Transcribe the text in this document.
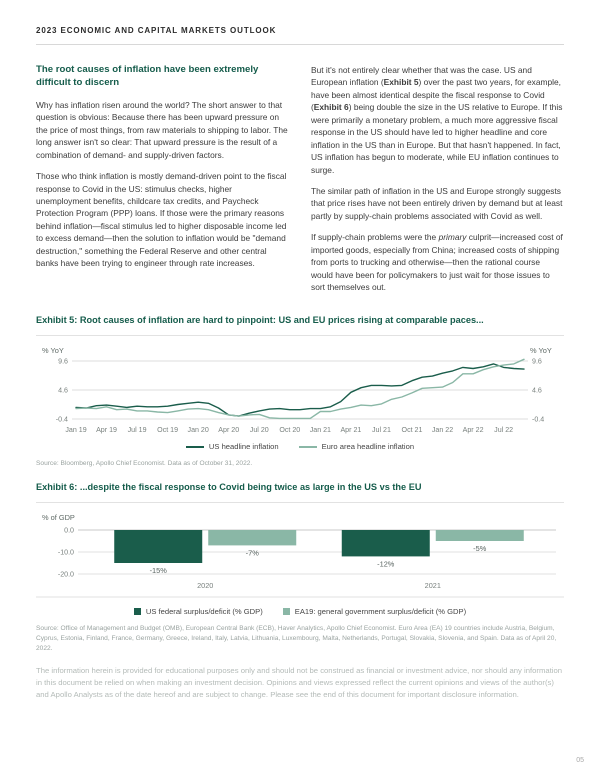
2023 ECONOMIC AND CAPITAL MARKETS OUTLOOK
The root causes of inflation have been extremely difficult to discern

Why has inflation risen around the world? The short answer to that question is obvious: Because there has been upward pressure on the price of most things, from raw materials to shipping to labor. The long answer isn't so clear: That upward pressure is the result of a combination of demand- and supply-driven factors.

Those who think inflation is mostly demand-driven point to the fiscal response to Covid in the US: stimulus checks, higher unemployment benefits, childcare tax credits, and Paycheck Protection Program (PPP) loans. If those were the primary reasons behind inflation—fiscal stimulus led to higher disposable income led to excess demand—then the solution to inflation would be "demand destruction," something the Federal Reserve and other central banks have been trying to engineer through rate increases.

But it's not entirely clear whether that was the case. US and European inflation (Exhibit 5) over the past two years, for example, have been almost identical despite the fiscal response to Covid (Exhibit 6) being double the size in the US relative to Europe. If this were primarily a monetary problem, a much more aggressive fiscal response in the US should have led to higher headline and core inflation in the US than in Europe. But that hasn't happened. In fact, US inflation has begun to moderate, while EU inflation continues to surge.

The similar path of inflation in the US and Europe strongly suggests that price rises have not been entirely driven by demand but at least partly by supply-chain problems associated with Covid as well.

If supply-chain problems were the primary culprit—increased cost of imported goods, especially from China; increased costs of shipping from ports to trucking and otherwise—then the rational course would have been for policymakers to just wait for those issues to sort themselves out.

Exhibit 5: Root causes of inflation are hard to pinpoint: US and EU prices rising at comparable paces...
9.6	9.6
4.6	4.6
-0.4	-0.4
% YoY	% YoY
Jan 19 Apr 19 Jul 19 Oct 19 Jan 20 Apr 20 Jul 20 Oct 20 Jan 21 Apr 21 Jul 21 Oct 21 Jan 22 Apr 22 Jul 22
US headline inflation	Euro area headline inflation
Source: Bloomberg, Apollo Chief Economist. Data as of October 31, 2022.
Exhibit 6: ...despite the fiscal response to Covid being twice as large in the US vs the EU
0.0
-10.0
-20.0
% of GDP
-15%
-7%
2020
-12%
-5%
2021
US federal surplus/deficit (% GDP)	EA19: general government surplus/deficit (% GDP)
Source: Office of Management and Budget (OMB), European Central Bank (ECB), Haver Analytics, Apollo Chief Economist. Euro Area (EA) 19 countries include Austria, Belgium, Cyprus, Estonia, Finland, France, Germany, Greece, Ireland, Italy, Latvia, Lithuania, Luxembourg, Malta, Netherlands, Portugal, Slovakia, Slovenia, and Spain. Data as of April 20, 2022.
The information herein is provided for educational purposes only and should not be construed as financial or investment advice, nor should any information in this document be relied on when making an investment decision. Opinions and views expressed reflect the current opinions and views of the author(s) and Apollo Analysts as of the date hereof and are subject to change. Please see the end of this document for important disclosure information.
05
